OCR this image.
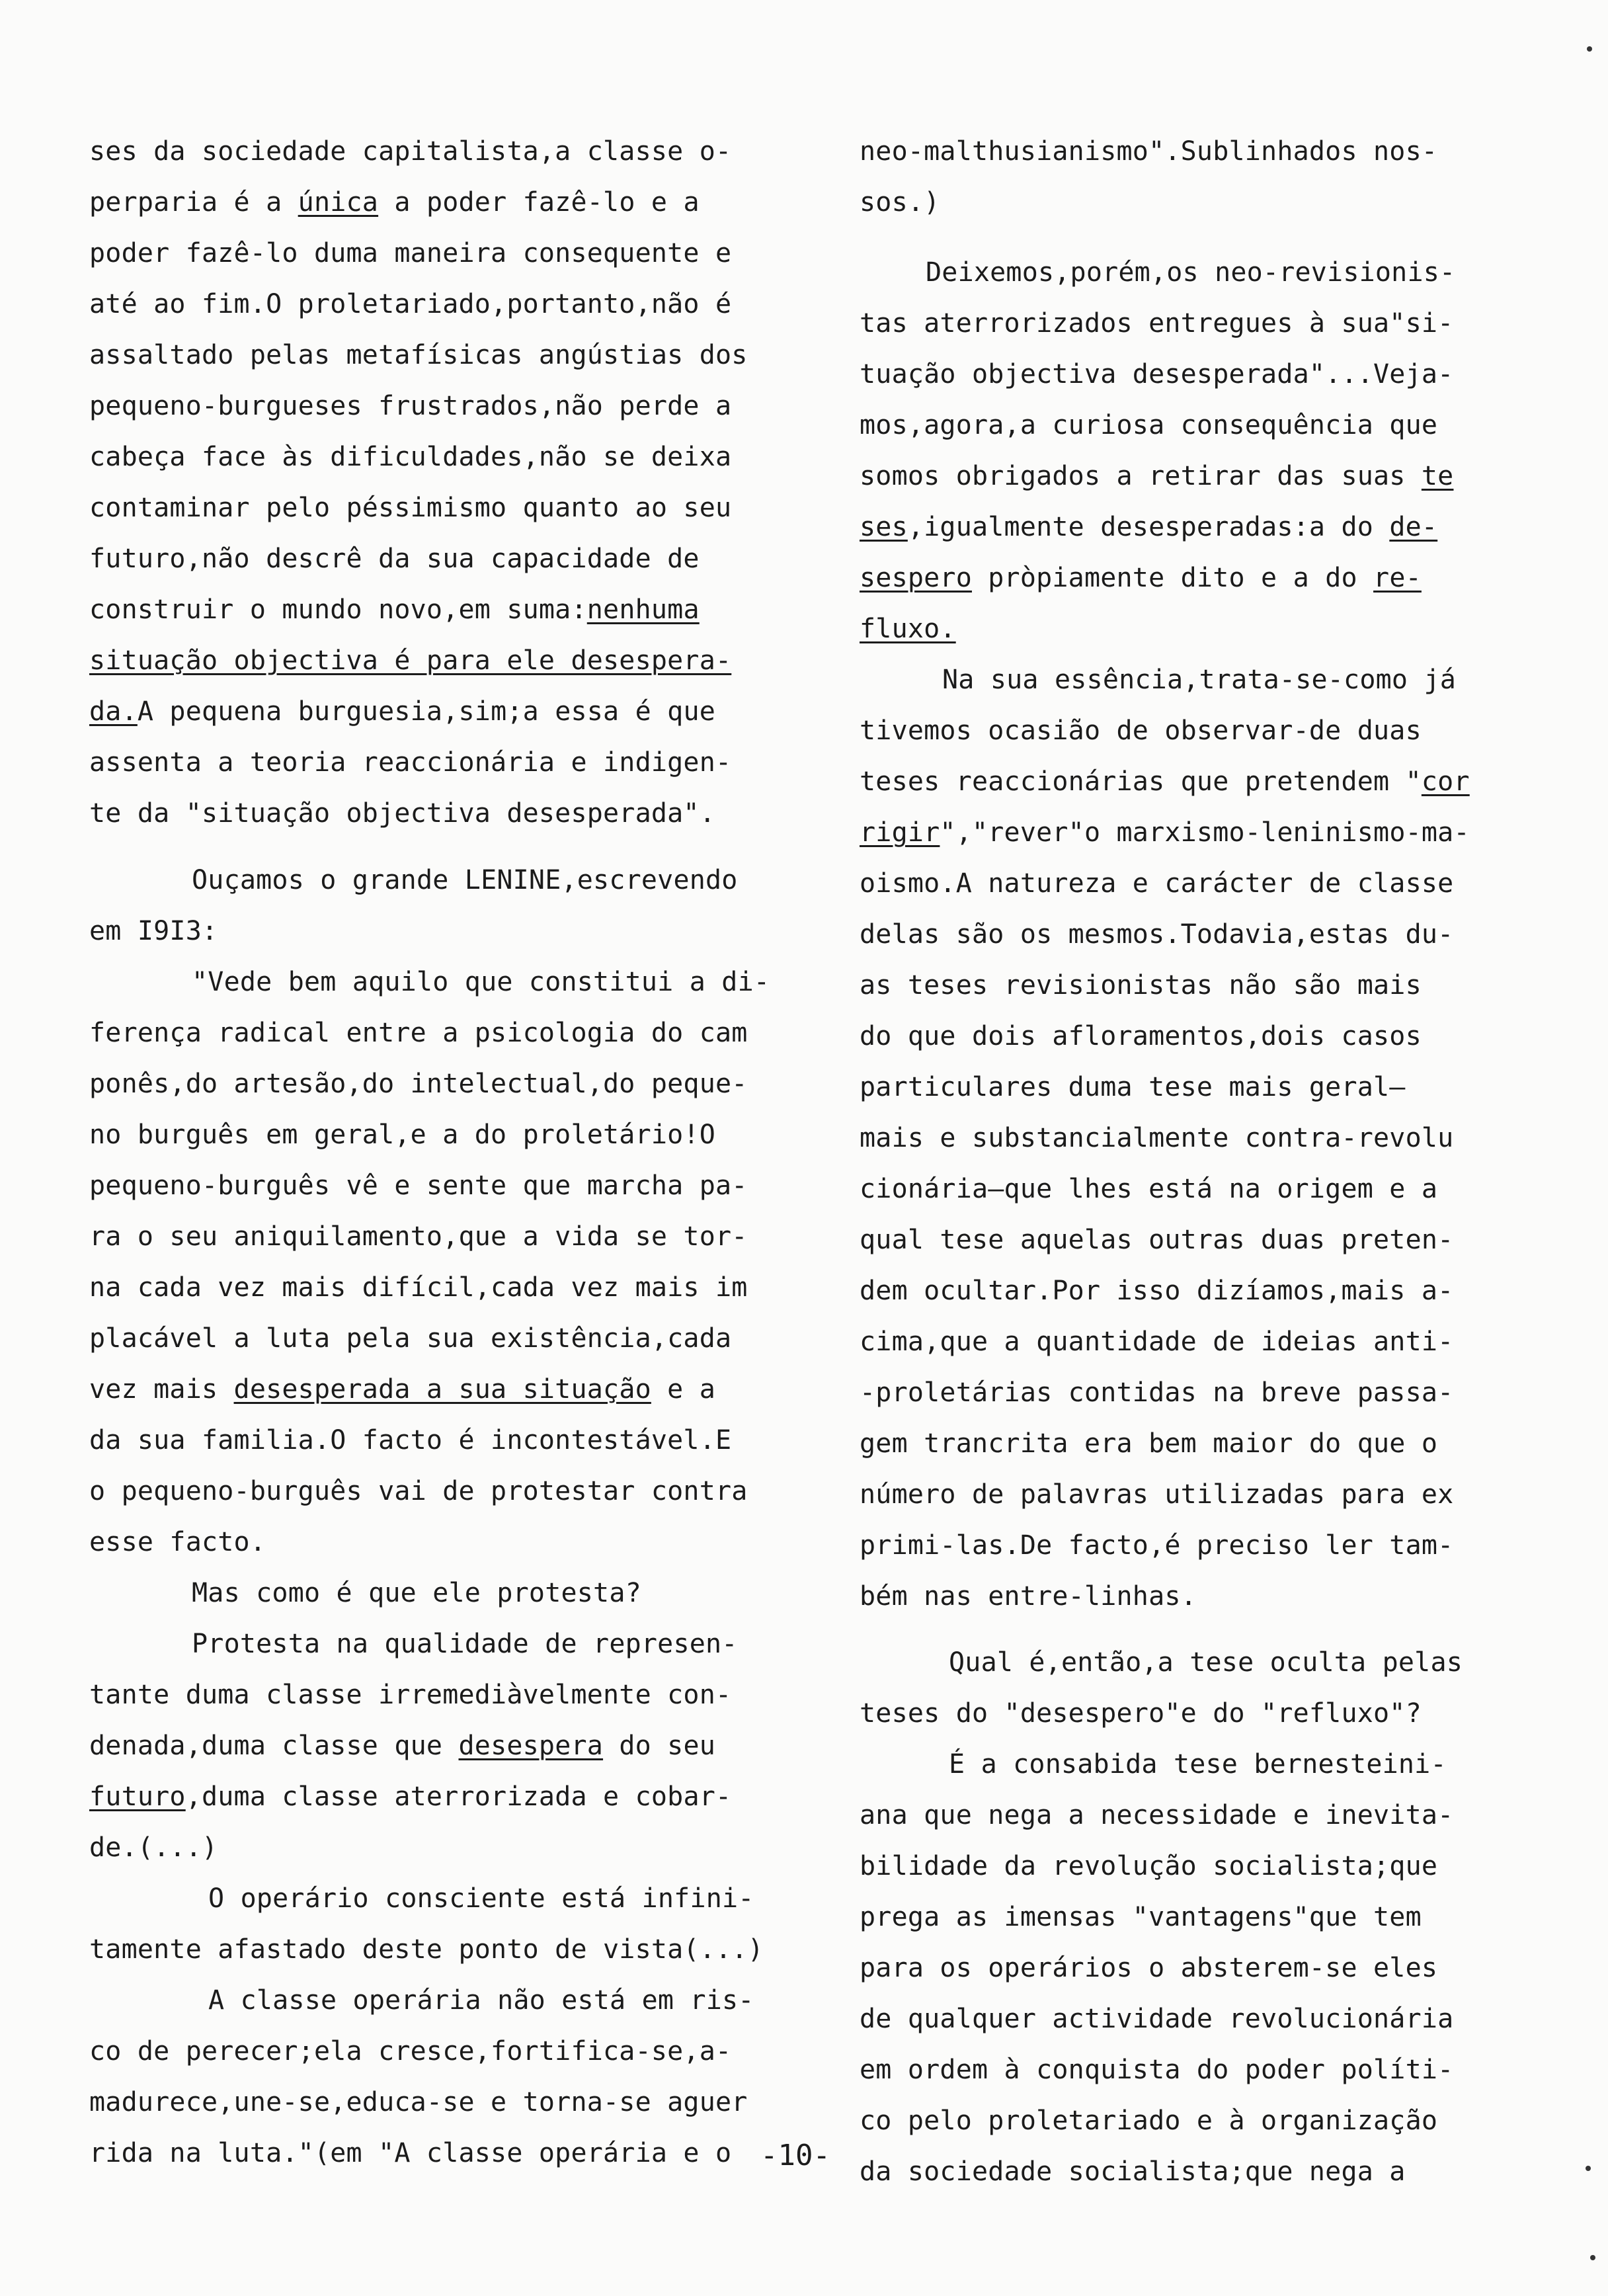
ses da sociedade capitalista,a classe o-
perparia é a única a poder fazê-lo e a
poder fazê-lo duma maneira consequente e
até ao fim.O proletariado,portanto,não é
assaltado pelas metafísicas angústias dos
pequeno-burgueses frustrados,não perde a
cabeça face às dificuldades,não se deixa
contaminar pelo péssimismo quanto ao seu
futuro,não descrê da sua capacidade de
construir o mundo novo,em suma:nenhuma
situação objectiva é para ele desespera-
da.A pequena burguesia,sim;a essa é que
assenta a teoria reaccionária e indigen-
te da "situação objectiva desesperada".
Ouçamos o grande LENINE,escrevendo
em I9I3:
"Vede bem aquilo que constitui a di-
ferença radical entre a psicologia do cam
ponês,do artesão,do intelectual,do peque-
no burguês em geral,e a do proletário!O
pequeno-burguês vê e sente que marcha pa-
ra o seu aniquilamento,que a vida se tor-
na cada vez mais difícil,cada vez mais im
placável a luta pela sua existência,cada
vez mais desesperada a sua situação e a
da sua familia.O facto é incontestável.E
o pequeno-burguês vai de protestar contra
esse facto.
Mas como é que ele protesta?
Protesta na qualidade de represen-
tante duma classe irremediàvelmente con-
denada,duma classe que desespera do seu
futuro,duma classe aterrorizada e cobar-
de.(...)
O operário consciente está infini-
tamente afastado deste ponto de vista(...)
A classe operária não está em ris-
co de perecer;ela cresce,fortifica-se,a-
madurece,une-se,educa-se e torna-se aguer
rida na luta."(em "A classe operária e o
neo-malthusianismo".Sublinhados nos-
sos.)
Deixemos,porém,os neo-revisionis-
tas aterrorizados entregues à sua"si-
tuação objectiva desesperada"...Veja-
mos,agora,a curiosa consequência que
somos obrigados a retirar das suas te
ses,igualmente desesperadas:a do de-
sespero pròpiamente dito e a do re-
fluxo.
Na sua essência,trata-se-como já
tivemos ocasião de observar-de duas
teses reaccionárias que pretendem "cor
rigir","rever"o marxismo-leninismo-ma-
oismo.A natureza e carácter de classe
delas são os mesmos.Todavia,estas du-
as teses revisionistas não são mais
do que dois afloramentos,dois casos
particulares duma tese mais geral—
mais e substancialmente contra-revolu
cionária—que lhes está na origem e a
qual tese aquelas outras duas preten-
dem ocultar.Por isso dizíamos,mais a-
cima,que a quantidade de ideias anti-
-proletárias contidas na breve passa-
gem trancrita era bem maior do que o
número de palavras utilizadas para ex
primi-las.De facto,é preciso ler tam-
bém nas entre-linhas.
Qual é,então,a tese oculta pelas
teses do "desespero"e do "refluxo"?
É a consabida tese bernesteini-
ana que nega a necessidade e inevita-
bilidade da revolução socialista;que
prega as imensas "vantagens"que tem
para os operários o absterem-se eles
de qualquer actividade revolucionária
em ordem à conquista do poder políti-
co pelo proletariado e à organização
da sociedade socialista;que nega a
-10-
